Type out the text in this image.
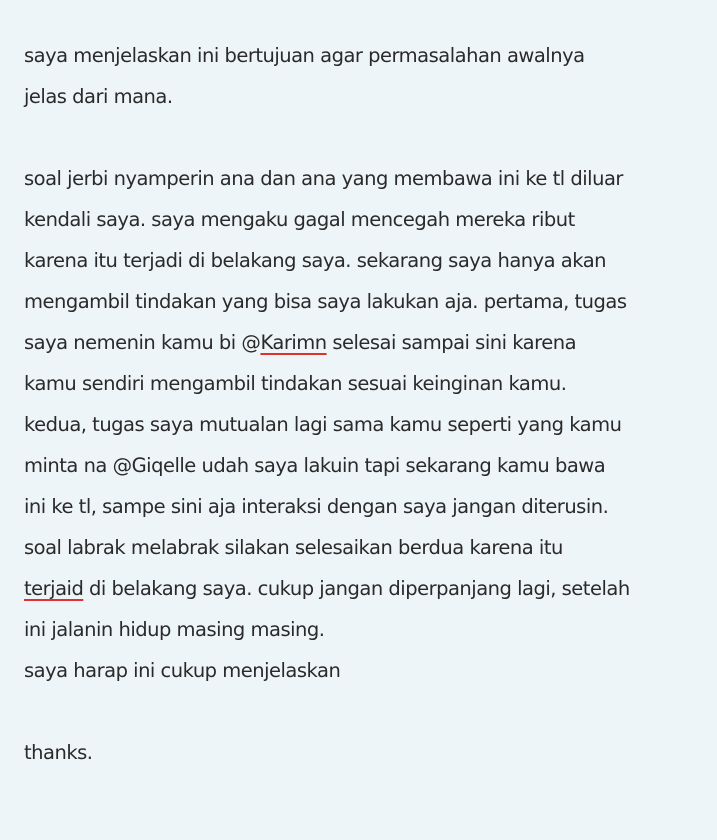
saya menjelaskan ini bertujuan agar permasalahan awalnya
jelas dari mana.
soal jerbi nyamperin ana dan ana yang membawa ini ke tl diluar
kendali saya. saya mengaku gagal mencegah mereka ribut
karena itu terjadi di belakang saya. sekarang saya hanya akan
mengambil tindakan yang bisa saya lakukan aja. pertama, tugas
saya nemenin kamu bi @Karimn selesai sampai sini karena
kamu sendiri mengambil tindakan sesuai keinginan kamu.
kedua, tugas saya mutualan lagi sama kamu seperti yang kamu
minta na @Giqelle udah saya lakuin tapi sekarang kamu bawa
ini ke tl, sampe sini aja interaksi dengan saya jangan diterusin.
soal labrak melabrak silakan selesaikan berdua karena itu
terjaid di belakang saya. cukup jangan diperpanjang lagi, setelah
ini jalanin hidup masing masing.
saya harap ini cukup menjelaskan
thanks.
